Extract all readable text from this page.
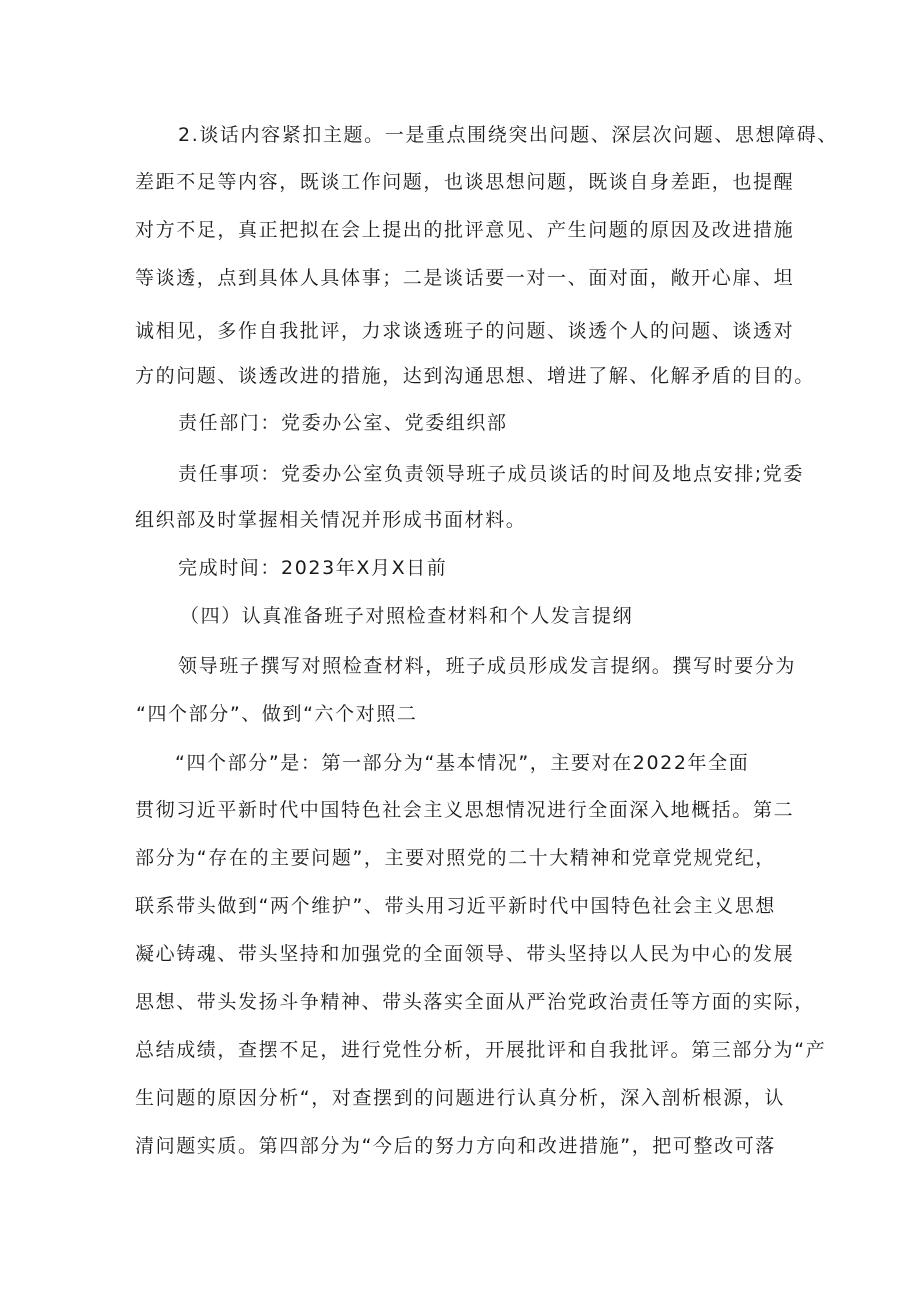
2.谈话内容紧扣主题。一是重点围绕突出问题、深层次问题、思想障碍、
差距不足等内容，既谈工作问题，也谈思想问题，既谈自身差距，也提醒
对方不足，真正把拟在会上提出的批评意见、产生问题的原因及改进措施
等谈透，点到具体人具体事；二是谈话要一对一、面对面，敞开心扉、坦
诚相见，多作自我批评，力求谈透班子的问题、谈透个人的问题、谈透对
方的问题、谈透改进的措施，达到沟通思想、增进了解、化解矛盾的目的。
责任部门：党委办公室、党委组织部
责任事项：党委办公室负责领导班子成员谈话的时间及地点安排;党委
组织部及时掌握相关情况并形成书面材料。
完成时间：2023年X月X日前
（四）认真准备班子对照检查材料和个人发言提纲
领导班子撰写对照检查材料，班子成员形成发言提纲。撰写时要分为
“四个部分”、做到“六个对照二
“四个部分”是：第一部分为“基本情况”，主要对在2022年全面
贯彻习近平新时代中国特色社会主义思想情况进行全面深入地概括。第二
部分为“存在的主要问题”，主要对照党的二十大精神和党章党规党纪，
联系带头做到“两个维护”、带头用习近平新时代中国特色社会主义思想
凝心铸魂、带头坚持和加强党的全面领导、带头坚持以人民为中心的发展
思想、带头发扬斗争精神、带头落实全面从严治党政治责任等方面的实际，
总结成绩，查摆不足，进行党性分析，开展批评和自我批评。第三部分为“产
生问题的原因分析“，对查摆到的问题进行认真分析，深入剖析根源，认
清问题实质。第四部分为“今后的努力方向和改进措施”，把可整改可落
